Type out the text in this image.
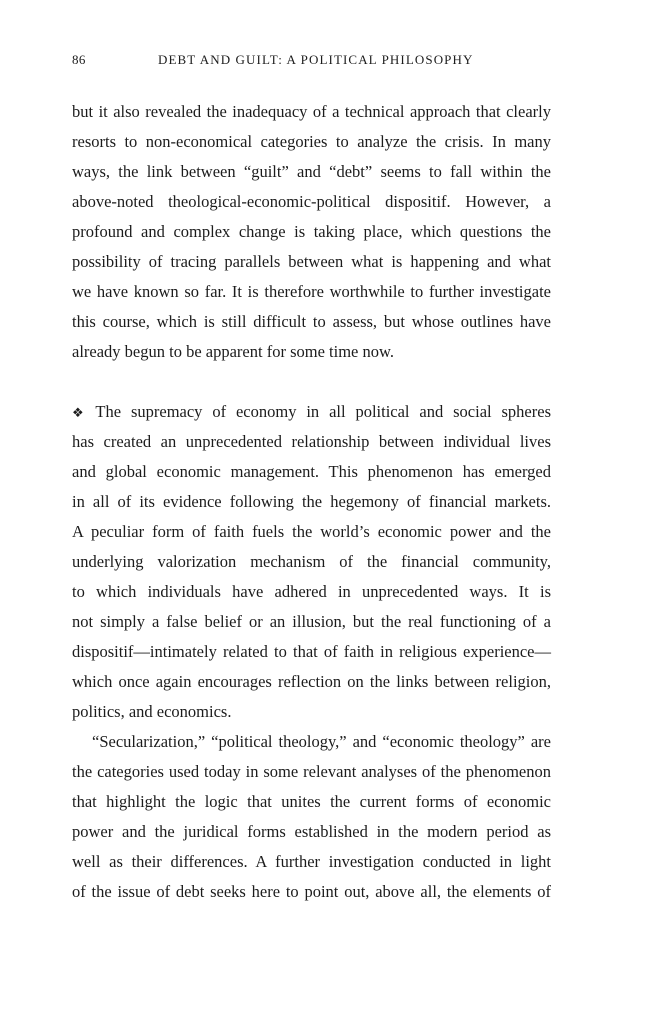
86	DEBT AND GUILT: A POLITICAL PHILOSOPHY
but it also revealed the inadequacy of a technical approach that clearly
resorts to non-economical categories to analyze the crisis. In many
ways, the link between “guilt” and “debt” seems to fall within the
above-noted theological-economic-political dispositif. However, a
profound and complex change is taking place, which questions the
possibility of tracing parallels between what is happening and what
we have known so far. It is therefore worthwhile to further investigate
this course, which is still difficult to assess, but whose outlines have
already begun to be apparent for some time now.
❖ The supremacy of economy in all political and social spheres
has created an unprecedented relationship between individual lives
and global economic management. This phenomenon has emerged
in all of its evidence following the hegemony of financial markets.
A peculiar form of faith fuels the world’s economic power and the
underlying valorization mechanism of the financial community,
to which individuals have adhered in unprecedented ways. It is
not simply a false belief or an illusion, but the real functioning of a
dispositif—intimately related to that of faith in religious experience—
which once again encourages reflection on the links between religion,
politics, and economics.
“Secularization,” “political theology,” and “economic theology” are
the categories used today in some relevant analyses of the phenomenon
that highlight the logic that unites the current forms of economic
power and the juridical forms established in the modern period as
well as their differences. A further investigation conducted in light
of the issue of debt seeks here to point out, above all, the elements of
